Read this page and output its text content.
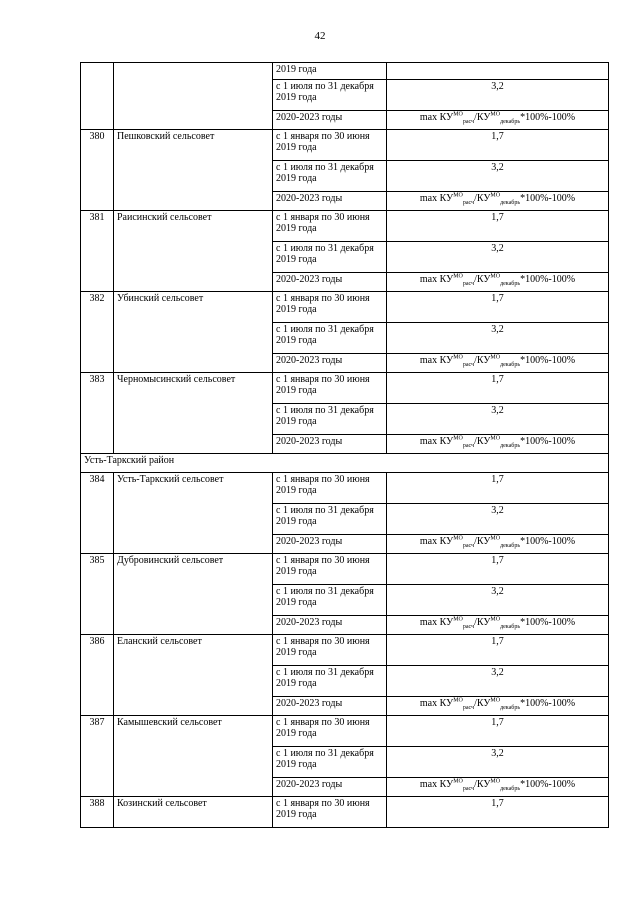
42

		2019 года	

		с 1 июля по 31 декабря
2019 года	3,2

		2020-2023 годы	$\max КУ^{МО}_{расч}/КУ^{МО}_{декабрь}*100\%-100\%$
380	Пешковский сельсовет	с 1 января по 30 июня
2019 года	1,7

		с 1 июля по 31 декабря
2019 года	3,2

		2020-2023 годы	$\max КУ^{МО}_{расч}/КУ^{МО}_{декабрь}*100\%-100\%$
381	Раисинский сельсовет	с 1 января по 30 июня
2019 года	1,7

		с 1 июля по 31 декабря
2019 года	3,2

		2020-2023 годы	$\max КУ^{МО}_{расч}/КУ^{МО}_{декабрь}*100\%-100\%$
382	Убинский сельсовет	с 1 января по 30 июня
2019 года	1,7

		с 1 июля по 31 декабря
2019 года	3,2

		2020-2023 годы	$\max КУ^{МО}_{расч}/КУ^{МО}_{декабрь}*100\%-100\%$
383	Черномысинский сельсовет	с 1 января по 30 июня
2019 года	1,7

		с 1 июля по 31 декабря
2019 года	3,2

		2020-2023 годы	$\max КУ^{МО}_{расч}/КУ^{МО}_{декабрь}*100\%-100\%$
Усть-Таркский район			
384	Усть-Таркский сельсовет	с 1 января по 30 июня
2019 года	1,7

		с 1 июля по 31 декабря
2019 года	3,2

		2020-2023 годы	$\max КУ^{МО}_{расч}/КУ^{МО}_{декабрь}*100\%-100\%$
385	Дубровинский сельсовет	с 1 января по 30 июня
2019 года	1,7

		с 1 июля по 31 декабря
2019 года	3,2

		2020-2023 годы	$\max КУ^{МО}_{расч}/КУ^{МО}_{декабрь}*100\%-100\%$
386	Еланский сельсовет	с 1 января по 30 июня
2019 года	1,7

		с 1 июля по 31 декабря
2019 года	3,2

		2020-2023 годы	$\max КУ^{МО}_{расч}/КУ^{МО}_{декабрь}*100\%-100\%$
387	Камышевский сельсовет	с 1 января по 30 июня
2019 года	1,7

		с 1 июля по 31 декабря
2019 года	3,2

		2020-2023 годы	$\max КУ^{МО}_{расч}/КУ^{МО}_{декабрь}*100\%-100\%$
388	Козинский сельсовет	с 1 января по 30 июня
2019 года	1,7
